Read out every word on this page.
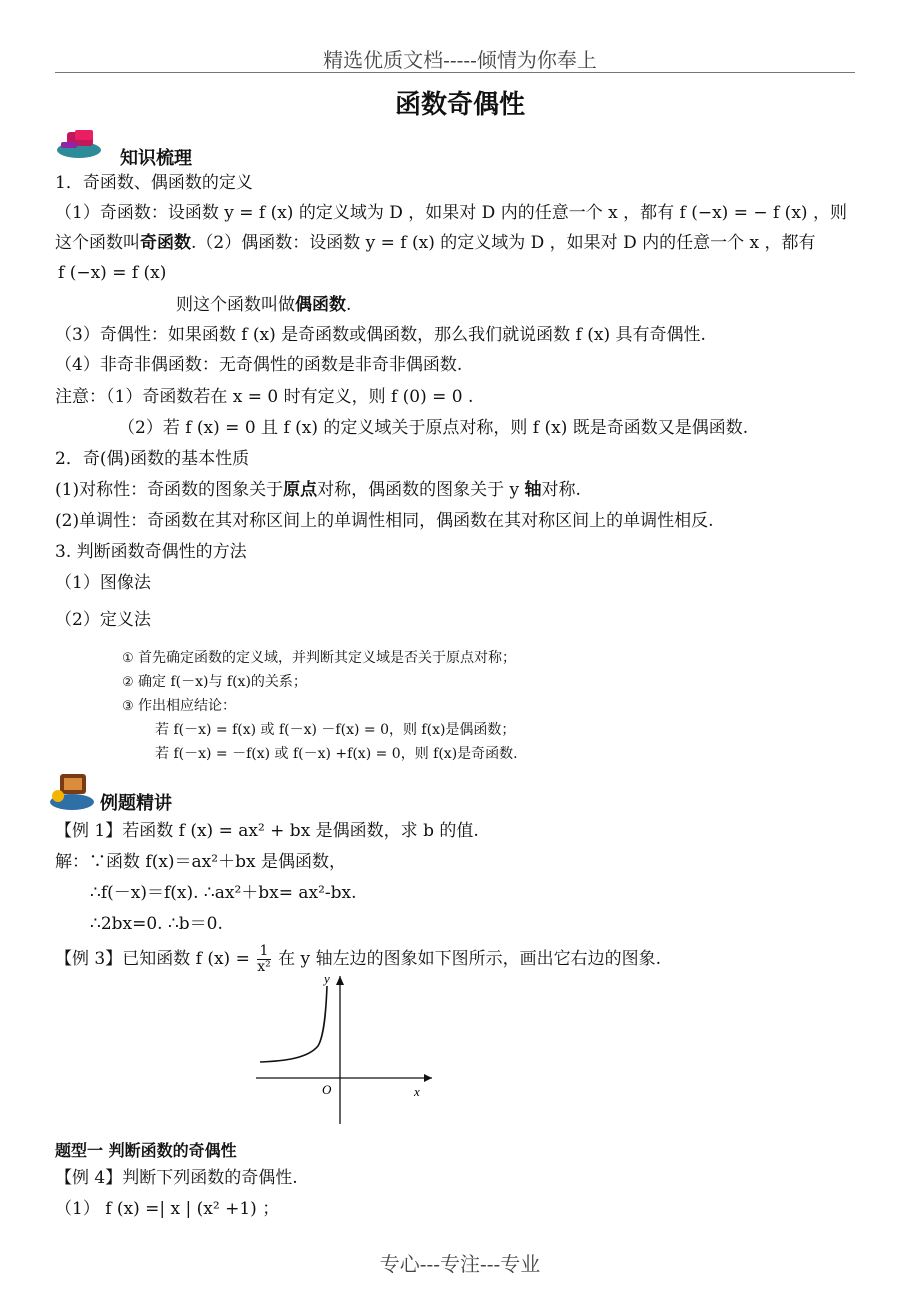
精选优质文档-----倾情为你奉上
函数奇偶性
知识梳理
1．奇函数、偶函数的定义
（1）奇函数：设函数 y = f (x) 的定义域为 D ，如果对 D 内的任意一个 x ，都有 f (−x) = − f (x) ，则
这个函数叫奇函数.（2）偶函数：设函数 y = f (x) 的定义域为 D ，如果对 D 内的任意一个 x ，都有
f (−x) = f (x)
则这个函数叫做偶函数.
（3）奇偶性：如果函数 f (x) 是奇函数或偶函数，那么我们就说函数 f (x) 具有奇偶性.
（4）非奇非偶函数：无奇偶性的函数是非奇非偶函数.
注意：（1）奇函数若在 x = 0 时有定义，则 f (0) = 0 .
（2）若 f (x) = 0 且 f (x) 的定义域关于原点对称，则 f (x) 既是奇函数又是偶函数.
2．奇(偶)函数的基本性质
(1)对称性：奇函数的图象关于原点对称，偶函数的图象关于 y 轴对称.
(2)单调性：奇函数在其对称区间上的单调性相同，偶函数在其对称区间上的单调性相反.
3. 判断函数奇偶性的方法
（1）图像法
（2）定义法
① 首先确定函数的定义域，并判断其定义域是否关于原点对称；
② 确定 f(－x)与 f(x)的关系；
③ 作出相应结论：
若 f(－x) = f(x) 或 f(－x) －f(x) = 0，则 f(x)是偶函数；
若 f(－x) = －f(x) 或 f(－x) +f(x) = 0，则 f(x)是奇函数.
例题精讲
【例 1】若函数 f (x) = ax² + bx 是偶函数，求 b 的值.
解：∵函数 f(x)＝ax²＋bx 是偶函数，
∴f(－x)＝f(x). ∴ax²＋bx= ax²-bx.
∴2bx=0. ∴b＝0.
【例 3】已知函数 f $(x) = \frac{1}{\text{x²}}$ 在 y 轴左边的图象如下图所示，画出它右边的图象.
y
x
O
题型一 判断函数的奇偶性
【例 4】判断下列函数的奇偶性.
（1） f (x) =| x | (x² +1) ；
专心---专注---专业
